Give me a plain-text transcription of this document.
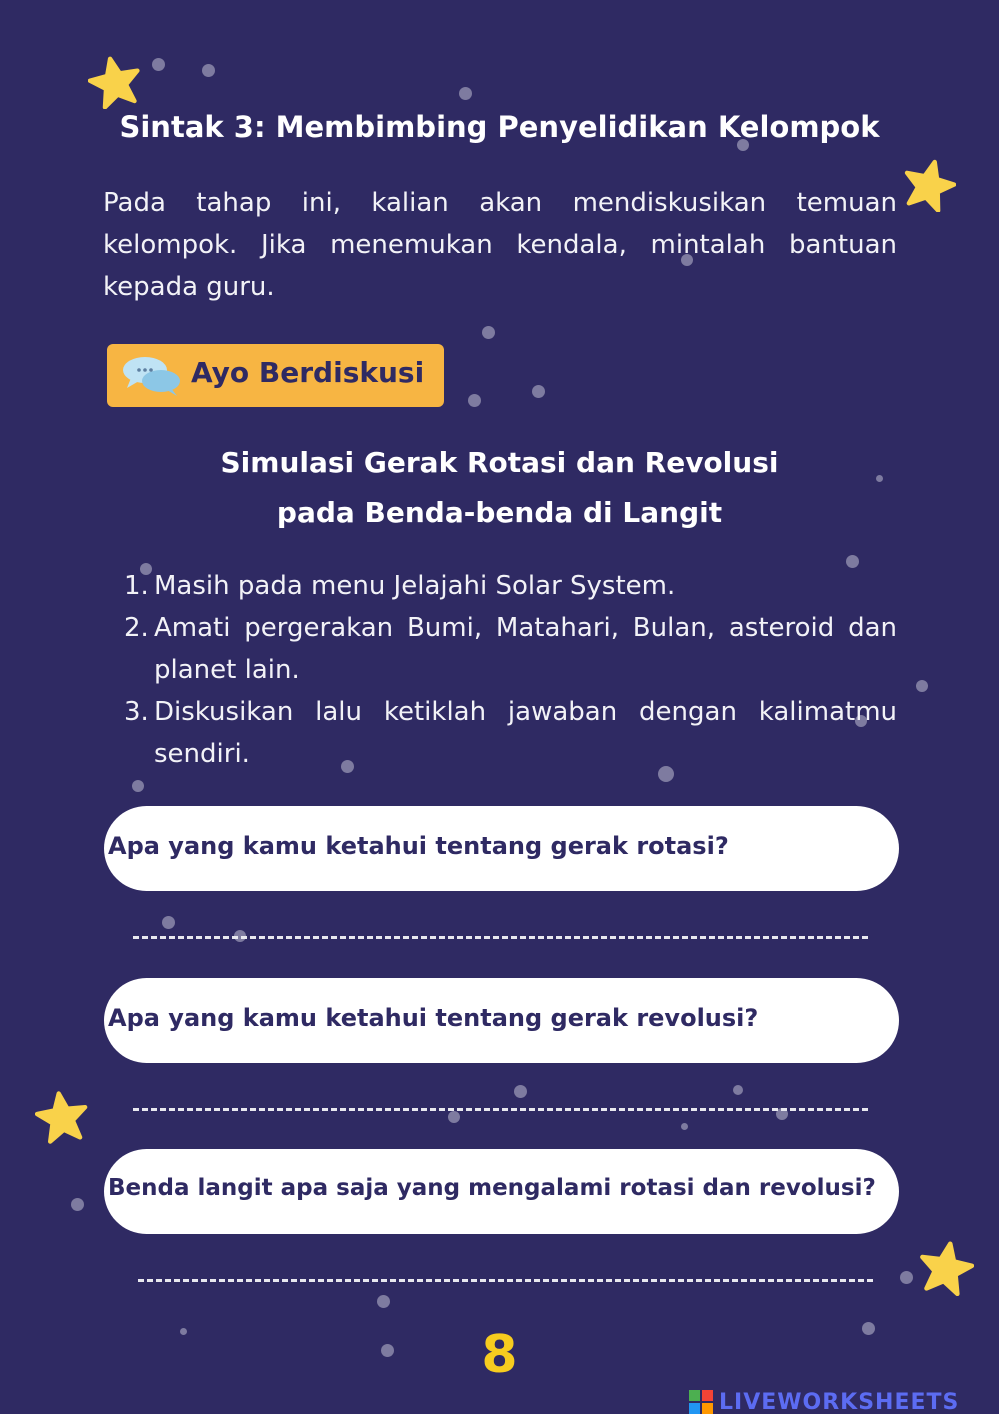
Sintak 3: Membimbing Penyelidikan Kelompok
Pada tahap ini, kalian akan mendiskusikan temuan kelompok. Jika menemukan kendala, mintalah bantuan kepada guru.
Ayo Berdiskusi
Simulasi Gerak Rotasi dan Revolusi
pada Benda-benda di Langit
1. Masih pada menu Jelajahi Solar System.
2. Amati pergerakan Bumi, Matahari, Bulan, asteroid dan planet lain.
3. Diskusikan lalu ketiklah jawaban dengan kalimatmu sendiri.
Apa yang kamu ketahui tentang gerak rotasi?
Apa yang kamu ketahui tentang gerak revolusi?
Benda langit apa saja yang mengalami rotasi dan revolusi?
8
LIVEWORKSHEETS
